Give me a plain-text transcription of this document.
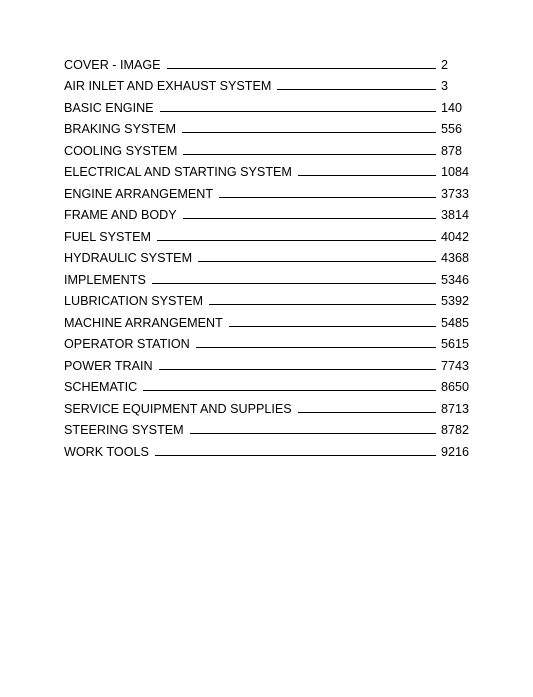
COVER - IMAGE	2
AIR INLET AND EXHAUST SYSTEM	3
BASIC ENGINE	140
BRAKING SYSTEM	556
COOLING SYSTEM	878
ELECTRICAL AND STARTING SYSTEM	1084
ENGINE ARRANGEMENT	3733
FRAME AND BODY	3814
FUEL SYSTEM	4042
HYDRAULIC SYSTEM	4368
IMPLEMENTS	5346
LUBRICATION SYSTEM	5392
MACHINE ARRANGEMENT	5485
OPERATOR STATION	5615
POWER TRAIN	7743
SCHEMATIC	8650
SERVICE EQUIPMENT AND SUPPLIES	8713
STEERING SYSTEM	8782
WORK TOOLS	9216
